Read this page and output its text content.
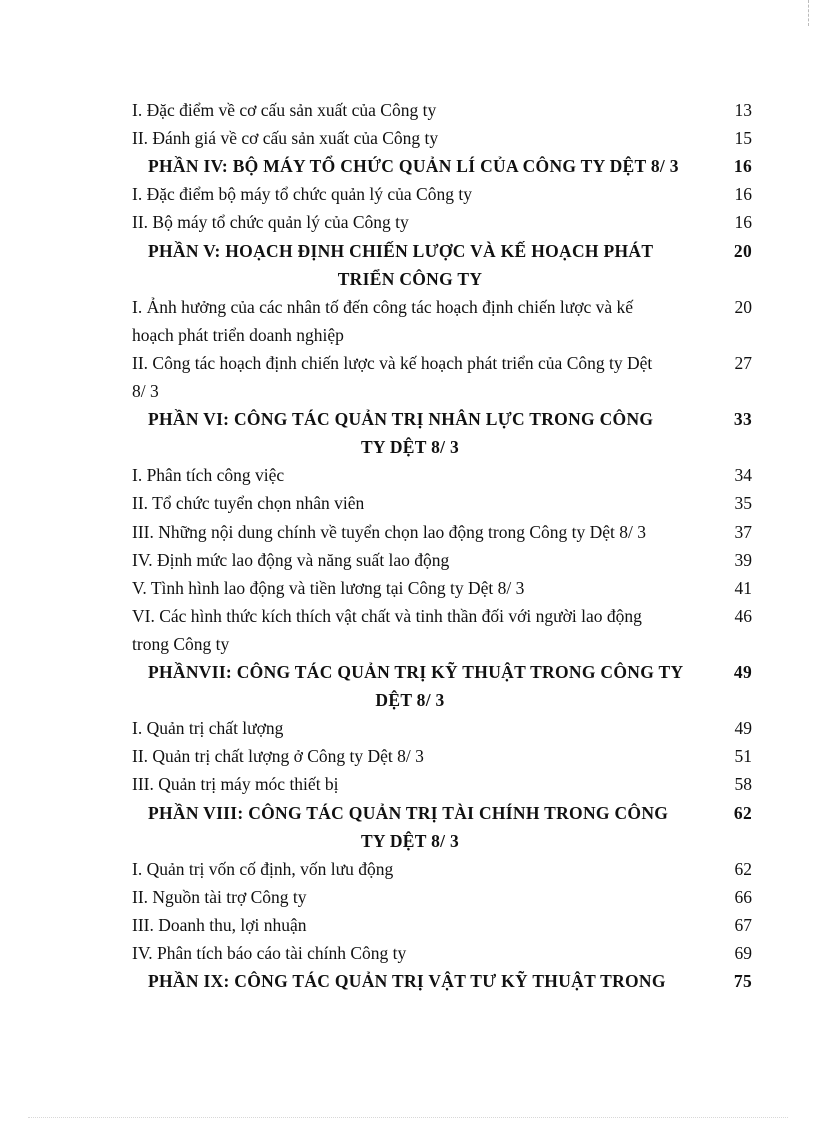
I. Đặc điểm về cơ cấu sản xuất của Công ty	13
II. Đánh giá về cơ cấu sản xuất của Công ty	15
PHẦN IV: BỘ MÁY TỔ CHỨC QUẢN LÍ CỦA CÔNG TY DỆT 8/ 3	16
I. Đặc điểm bộ máy tổ chức quản lý của Công ty	16
II. Bộ máy tổ chức quản lý của Công ty	16
PHẦN V: HOẠCH ĐỊNH CHIẾN LƯỢC VÀ KẾ HOẠCH PHÁT	20
TRIỂN CÔNG TY
I. Ảnh hưởng của các nhân tố đến công tác hoạch định chiến lược và kế	20
hoạch phát triển doanh nghiệp
II. Công tác hoạch định chiến lược và kế hoạch phát triển của Công ty Dệt	27
8/ 3
PHẦN VI: CÔNG TÁC QUẢN TRỊ NHÂN LỰC TRONG CÔNG	33
TY DỆT 8/ 3
I. Phân tích công việc	34
II. Tổ chức tuyển chọn nhân viên	35
III. Những nội dung chính về tuyển chọn lao động trong Công ty Dệt 8/ 3	37
IV. Định mức lao động và năng suất lao động	39
V. Tình hình lao động và tiền lương tại Công ty Dệt 8/ 3	41
VI. Các hình thức kích thích vật chất và tinh thần đối với người lao động	46
trong Công ty
PHẦNVII: CÔNG TÁC QUẢN TRỊ KỸ THUẬT TRONG CÔNG TY	49
DỆT 8/ 3
I. Quản trị chất lượng	49
II. Quản trị chất lượng ở Công ty Dệt 8/ 3	51
III. Quản trị máy móc thiết bị	58
PHẦN VIII: CÔNG TÁC QUẢN TRỊ TÀI CHÍNH TRONG CÔNG	62
TY DỆT 8/ 3
I. Quản trị vốn cố định, vốn lưu động	62
II. Nguồn tài trợ Công ty	66
III. Doanh thu, lợi nhuận	67
IV. Phân tích báo cáo tài chính Công ty	69
PHẦN IX: CÔNG TÁC QUẢN TRỊ VẬT TƯ KỸ THUẬT TRONG	75
